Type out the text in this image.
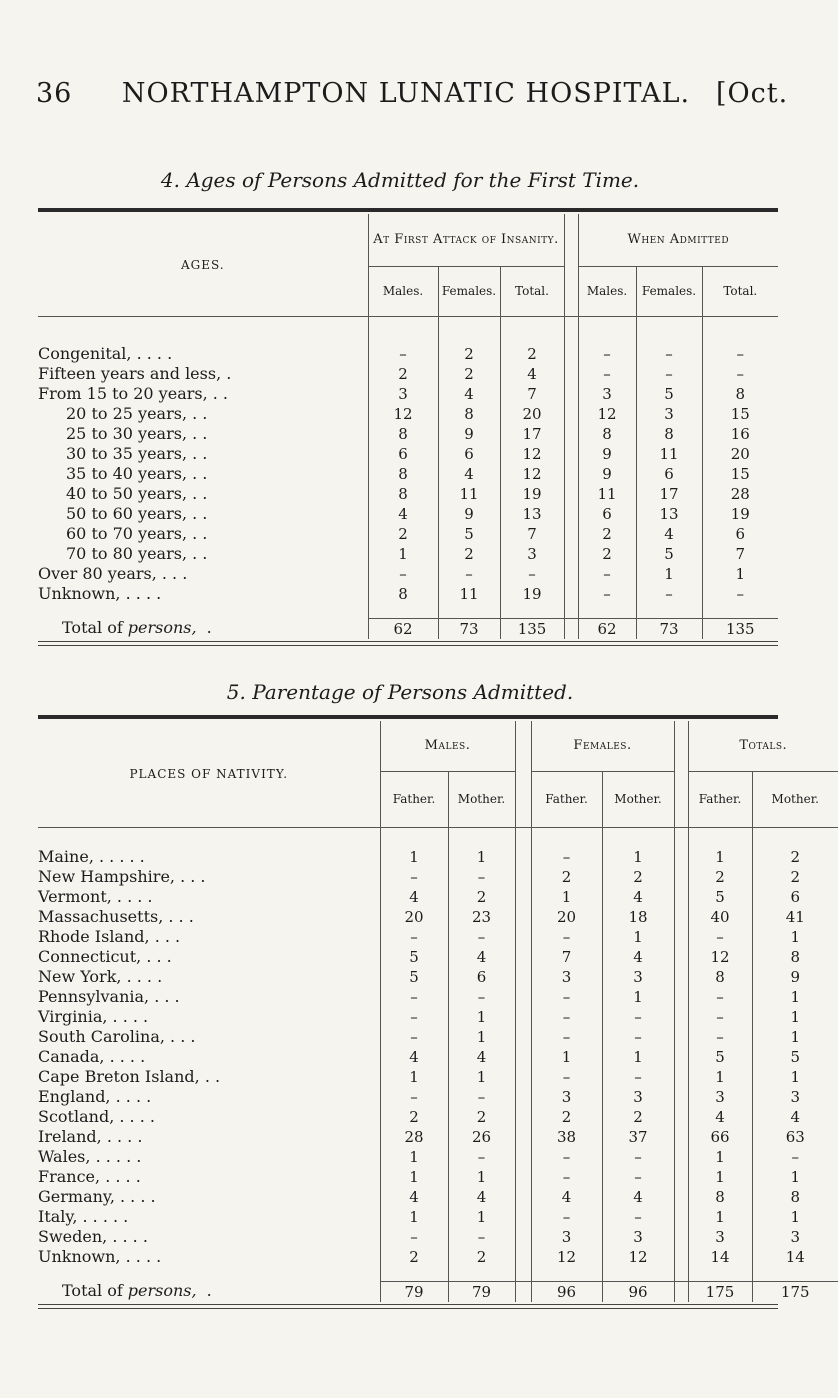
36	NORTHAMPTON LUNATIC HOSPITAL. [Oct.
4. Ages of Persons Admitted for the First Time.
AGES.	At First Attack of Insanity.				When Admitted		
	Males.	Females.	Total.		Males.	Females.	Total.

Congenital, . . . .	–	2	2		–	–	–
Fifteen years and less, .	2	2	4		–	–	–
From 15 to 20 years, . .	3	4	7		3	5	8
20 to 25 years, . .	12	8	20		12	3	15
25 to 30 years, . .	8	9	17		8	8	16
30 to 35 years, . .	6	6	12		9	11	20
35 to 40 years, . .	8	4	12		9	6	15
40 to 50 years, . .	8	11	19		11	17	28
50 to 60 years, . .	4	9	13		6	13	19
60 to 70 years, . .	2	5	7		2	4	6
70 to 80 years, . .	1	2	3		2	5	7
Over 80 years, . . .	–	–	–		–	1	1
Unknown, . . . .	8	11	19		–	–	–

Total of persons, .	62	73	135		62	73	135
5. Parentage of Persons Admitted.
PLACES OF NATIVITY.	Males.			Females.			Totals.	
	Father.	Mother.		Father.	Mother.		Father.	Mother.

Maine, . . . . .	1	1		–	1		1	2
New Hampshire, . . .	–	–		2	2		2	2
Vermont, . . . .	4	2		1	4		5	6
Massachusetts, . . .	20	23		20	18		40	41
Rhode Island, . . .	–	–		–	1		–	1
Connecticut, . . .	5	4		7	4		12	8
New York, . . . .	5	6		3	3		8	9
Pennsylvania, . . .	–	–		–	1		–	1
Virginia, . . . .	–	1		–	–		–	1
South Carolina, . . .	–	1		–	–		–	1
Canada, . . . .	4	4		1	1		5	5
Cape Breton Island, . .	1	1		–	–		1	1
England, . . . .	–	–		3	3		3	3
Scotland, . . . .	2	2		2	2		4	4
Ireland, . . . .	28	26		38	37		66	63
Wales, . . . . .	1	–		–	–		1	–
France, . . . .	1	1		–	–		1	1
Germany, . . . .	4	4		4	4		8	8
Italy, . . . . .	1	1		–	–		1	1
Sweden, . . . .	–	–		3	3		3	3
Unknown, . . . .	2	2		12	12		14	14

Total of persons, .	79	79		96	96		175	175
